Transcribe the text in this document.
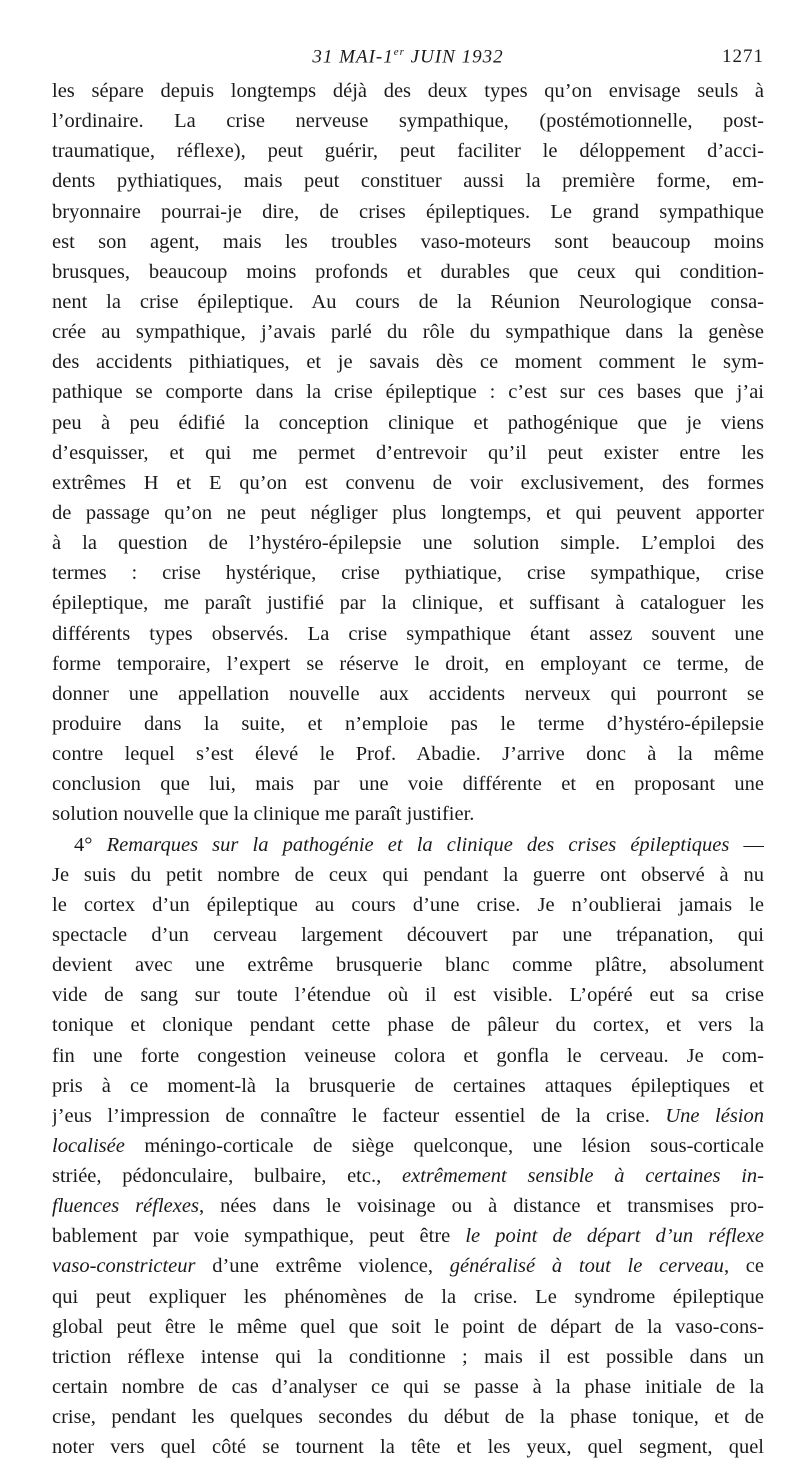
31 MAI-1er JUIN 1932	1271
les sépare depuis longtemps déjà des deux types qu’on envisage seuls à
l’ordinaire. La crise nerveuse sympathique, (postémotionnelle, post-
traumatique, réflexe), peut guérir, peut faciliter le déloppement d’acci-
dents pythiatiques, mais peut constituer aussi la première forme, em-
bryonnaire pourrai-je dire, de crises épileptiques. Le grand sympathique
est son agent, mais les troubles vaso-moteurs sont beaucoup moins
brusques, beaucoup moins profonds et durables que ceux qui condition-
nent la crise épileptique. Au cours de la Réunion Neurologique consa-
crée au sympathique, j’avais parlé du rôle du sympathique dans la genèse
des accidents pithiatiques, et je savais dès ce moment comment le sym-
pathique se comporte dans la crise épileptique : c’est sur ces bases que j’ai
peu à peu édifié la conception clinique et pathogénique que je viens
d’esquisser, et qui me permet d’entrevoir qu’il peut exister entre les
extrêmes H et E qu’on est convenu de voir exclusivement, des formes
de passage qu’on ne peut négliger plus longtemps, et qui peuvent apporter
à la question de l’hystéro-épilepsie une solution simple. L’emploi des
termes : crise hystérique, crise pythiatique, crise sympathique, crise
épileptique, me paraît justifié par la clinique, et suffisant à cataloguer les
différents types observés. La crise sympathique étant assez souvent une
forme temporaire, l’expert se réserve le droit, en employant ce terme, de
donner une appellation nouvelle aux accidents nerveux qui pourront se
produire dans la suite, et n’emploie pas le terme d’hystéro-épilepsie
contre lequel s’est élevé le Prof. Abadie. J’arrive donc à la même
conclusion que lui, mais par une voie différente et en proposant une
solution nouvelle que la clinique me paraît justifier.
4° Remarques sur la pathogénie et la clinique des crises épileptiques —
Je suis du petit nombre de ceux qui pendant la guerre ont observé à nu
le cortex d’un épileptique au cours d’une crise. Je n’oublierai jamais le
spectacle d’un cerveau largement découvert par une trépanation, qui
devient avec une extrême brusquerie blanc comme plâtre, absolument
vide de sang sur toute l’étendue où il est visible. L’opéré eut sa crise
tonique et clonique pendant cette phase de pâleur du cortex, et vers la
fin une forte congestion veineuse colora et gonfla le cerveau. Je com-
pris à ce moment-là la brusquerie de certaines attaques épileptiques et
j’eus l’impression de connaître le facteur essentiel de la crise. Une lésion
localisée méningo-corticale de siège quelconque, une lésion sous-corticale
striée, pédonculaire, bulbaire, etc., extrêmement sensible à certaines in-
fluences réflexes, nées dans le voisinage ou à distance et transmises pro-
bablement par voie sympathique, peut être le point de départ d’un réflexe
vaso-constricteur d’une extrême violence, généralisé à tout le cerveau, ce
qui peut expliquer les phénomènes de la crise. Le syndrome épileptique
global peut être le même quel que soit le point de départ de la vaso-cons-
triction réflexe intense qui la conditionne ; mais il est possible dans un
certain nombre de cas d’analyser ce qui se passe à la phase initiale de la
crise, pendant les quelques secondes du début de la phase tonique, et de
noter vers quel côté se tournent la tête et les yeux, quel segment, quel
